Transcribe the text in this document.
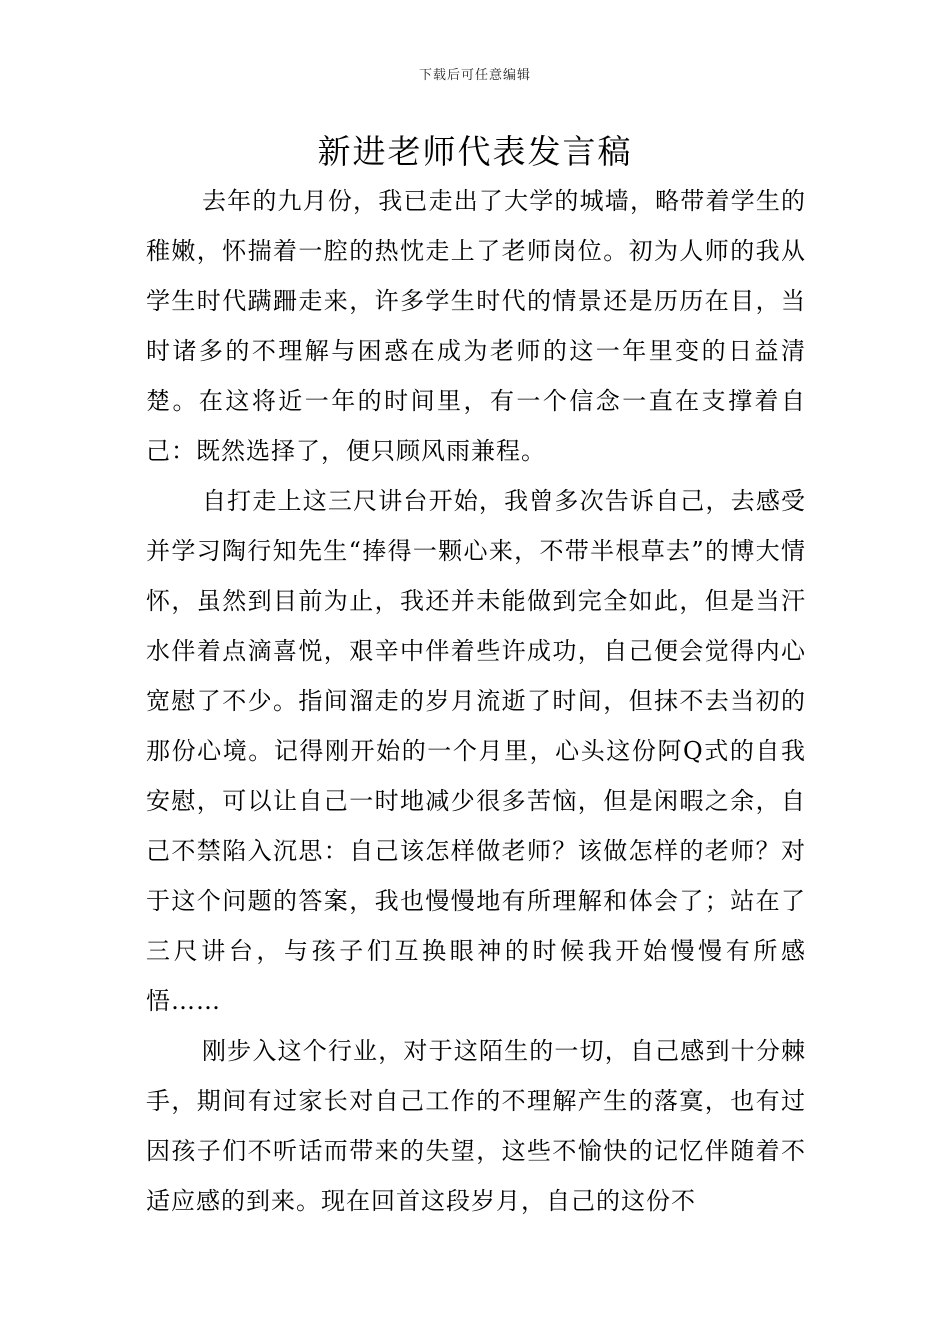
下载后可任意编辑
新进老师代表发言稿

去年的九月份，我已走出了大学的城墙，略带着学生的稚嫩，怀揣着一腔的热忱走上了老师岗位。初为人师的我从学生时代蹒跚走来，许多学生时代的情景还是历历在目，当时诸多的不理解与困惑在成为老师的这一年里变的日益清楚。在这将近一年的时间里，有一个信念一直在支撑着自己：既然选择了，便只顾风雨兼程。

自打走上这三尺讲台开始，我曾多次告诉自己，去感受并学习陶行知先生“捧得一颗心来，不带半根草去”的博大情怀，虽然到目前为止，我还并未能做到完全如此，但是当汗水伴着点滴喜悦，艰辛中伴着些许成功，自己便会觉得内心宽慰了不少。指间溜走的岁月流逝了时间，但抹不去当初的那份心境。记得刚开始的一个月里，心头这份阿Q式的自我安慰，可以让自己一时地减少很多苦恼，但是闲暇之余，自己不禁陷入沉思：自己该怎样做老师？该做怎样的老师？对于这个问题的答案，我也慢慢地有所理解和体会了；站在了三尺讲台，与孩子们互换眼神的时候我开始慢慢有所感悟……

刚步入这个行业，对于这陌生的一切，自己感到十分棘手，期间有过家长对自己工作的不理解产生的落寞，也有过因孩子们不听话而带来的失望，这些不愉快的记忆伴随着不适应感的到来。现在回首这段岁月，自己的这份不
